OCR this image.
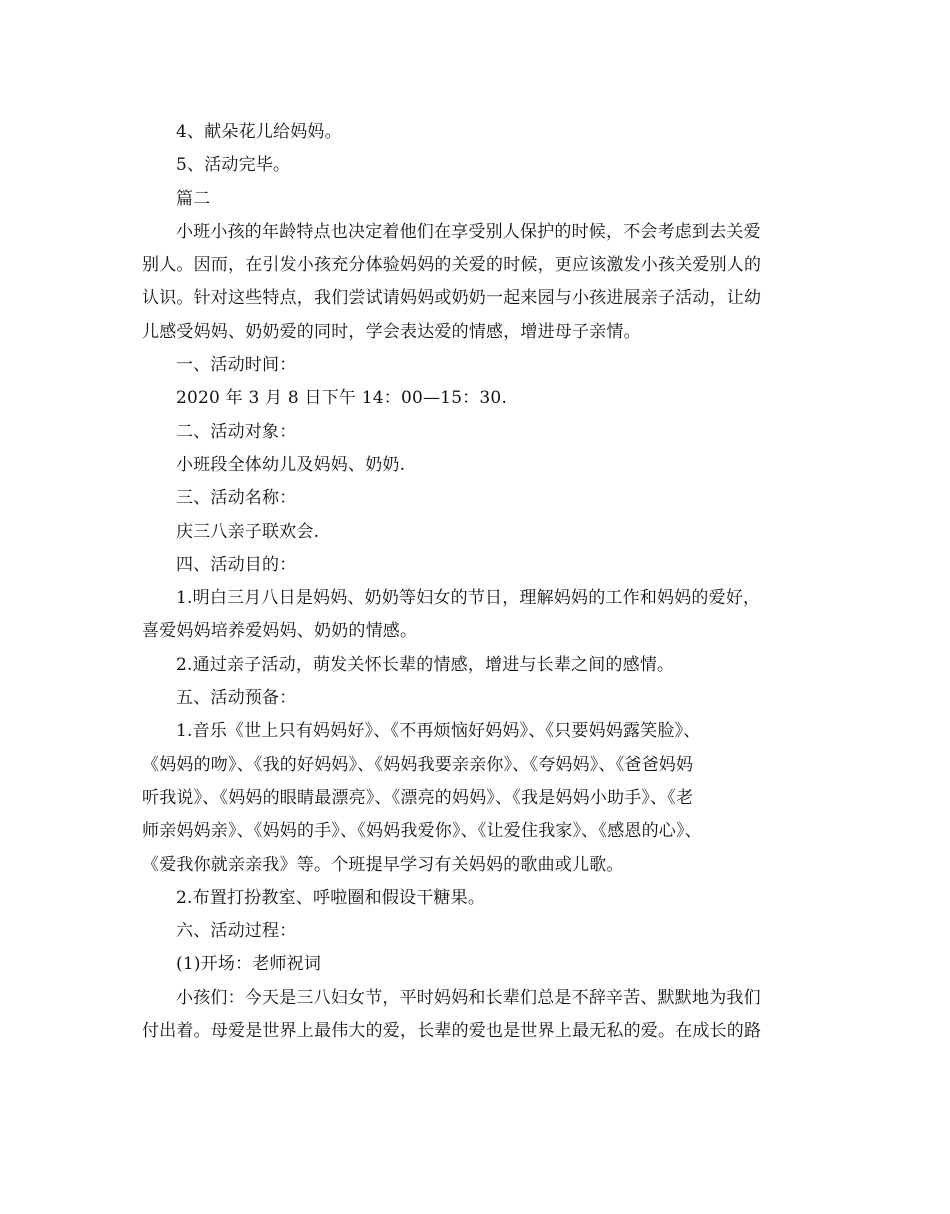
4、献朵花儿给妈妈。
5、活动完毕。
篇二
小班小孩的年龄特点也决定着他们在享受别人保护的时候，不会考虑到去关爱
别人。因而，在引发小孩充分体验妈妈的关爱的时候，更应该激发小孩关爱别人的
认识。针对这些特点，我们尝试请妈妈或奶奶一起来园与小孩进展亲子活动，让幼
儿感受妈妈、奶奶爱的同时，学会表达爱的情感，增进母子亲情。
一、活动时间：
2020 年 3 月 8 日下午 14：00—15：30.
二、活动对象：
小班段全体幼儿及妈妈、奶奶.
三、活动名称：
庆三八亲子联欢会.
四、活动目的：
1.明白三月八日是妈妈、奶奶等妇女的节日，理解妈妈的工作和妈妈的爱好，
喜爱妈妈培养爱妈妈、奶奶的情感。
2.通过亲子活动，萌发关怀长辈的情感，增进与长辈之间的感情。
五、活动预备：
1.音乐《世上只有妈妈好》、《不再烦恼好妈妈》、《只要妈妈露笑脸》、
《妈妈的吻》、《我的好妈妈》、《妈妈我要亲亲你》、《夸妈妈》、《爸爸妈妈
听我说》、《妈妈的眼睛最漂亮》、《漂亮的妈妈》、《我是妈妈小助手》、《老
师亲妈妈亲》、《妈妈的手》、《妈妈我爱你》、《让爱住我家》、《感恩的心》、
《爱我你就亲亲我》等。个班提早学习有关妈妈的歌曲或儿歌。
2.布置打扮教室、呼啦圈和假设干糖果。
六、活动过程：
(1)开场：老师祝词
小孩们：今天是三八妇女节，平时妈妈和长辈们总是不辞辛苦、默默地为我们
付出着。母爱是世界上最伟大的爱，长辈的爱也是世界上最无私的爱。在成长的路
